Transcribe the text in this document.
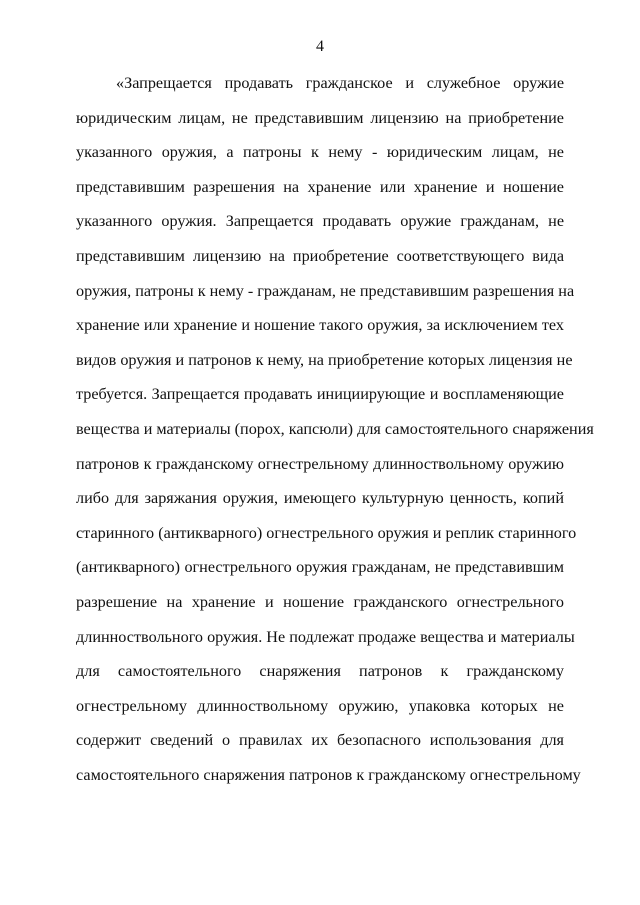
4
«Запрещается продавать гражданское и служебное оружие
юридическим лицам, не представившим лицензию на приобретение
указанного оружия, а патроны к нему - юридическим лицам, не
представившим разрешения на хранение или хранение и ношение
указанного оружия. Запрещается продавать оружие гражданам, не
представившим лицензию на приобретение соответствующего вида
оружия, патроны к нему - гражданам, не представившим разрешения на
хранение или хранение и ношение такого оружия, за исключением тех
видов оружия и патронов к нему, на приобретение которых лицензия не
требуется. Запрещается продавать инициирующие и воспламеняющие
вещества и материалы (порох, капсюли) для самостоятельного снаряжения
патронов к гражданскому огнестрельному длинноствольному оружию
либо для заряжания оружия, имеющего культурную ценность, копий
старинного (антикварного) огнестрельного оружия и реплик старинного
(антикварного) огнестрельного оружия гражданам, не представившим
разрешение на хранение и ношение гражданского огнестрельного
длинноствольного оружия. Не подлежат продаже вещества и материалы
для самостоятельного снаряжения патронов к гражданскому
огнестрельному длинноствольному оружию, упаковка которых не
содержит сведений о правилах их безопасного использования для
самостоятельного снаряжения патронов к гражданскому огнестрельному
